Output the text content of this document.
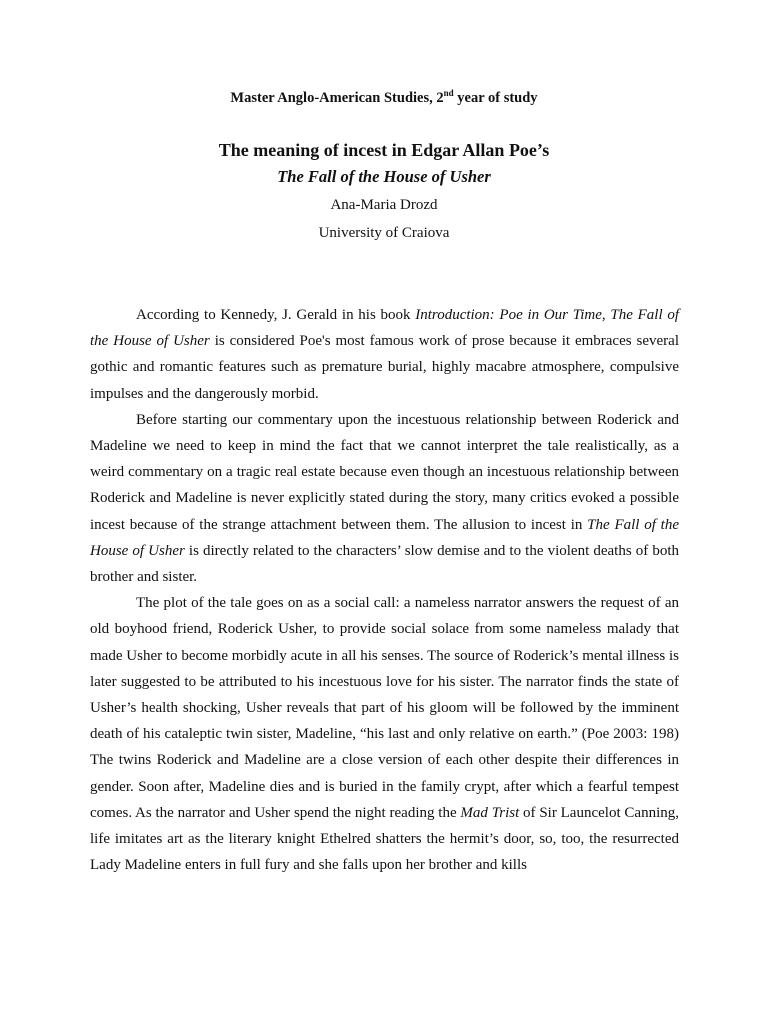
Master Anglo-American Studies, 2nd year of study
The meaning of incest in Edgar Allan Poe’s
The Fall of the House of Usher
Ana-Maria Drozd
University of Craiova

According to Kennedy, J. Gerald in his book Introduction: Poe in Our Time, The Fall of the House of Usher is considered Poe's most famous work of prose because it embraces several gothic and romantic features such as premature burial, highly macabre atmosphere, compulsive impulses and the dangerously morbid.

Before starting our commentary upon the incestuous relationship between Roderick and Madeline we need to keep in mind the fact that we cannot interpret the tale realistically, as a weird commentary on a tragic real estate because even though an incestuous relationship between Roderick and Madeline is never explicitly stated during the story, many critics evoked a possible incest because of the strange attachment between them. The allusion to incest in The Fall of the House of Usher is directly related to the characters’ slow demise and to the violent deaths of both brother and sister.

The plot of the tale goes on as a social call: a nameless narrator answers the request of an old boyhood friend, Roderick Usher, to provide social solace from some nameless malady that made Usher to become morbidly acute in all his senses. The source of Roderick’s mental illness is later suggested to be attributed to his incestuous love for his sister. The narrator finds the state of Usher’s health shocking, Usher reveals that part of his gloom will be followed by the imminent death of his cataleptic twin sister, Madeline, “his last and only relative on earth.” (Poe 2003: 198) The twins Roderick and Madeline are a close version of each other despite their differences in gender. Soon after, Madeline dies and is buried in the family crypt, after which a fearful tempest comes. As the narrator and Usher spend the night reading the Mad Trist of Sir Launcelot Canning, life imitates art as the literary knight Ethelred shatters the hermit’s door, so, too, the resurrected Lady Madeline enters in full fury and she falls upon her brother and kills
